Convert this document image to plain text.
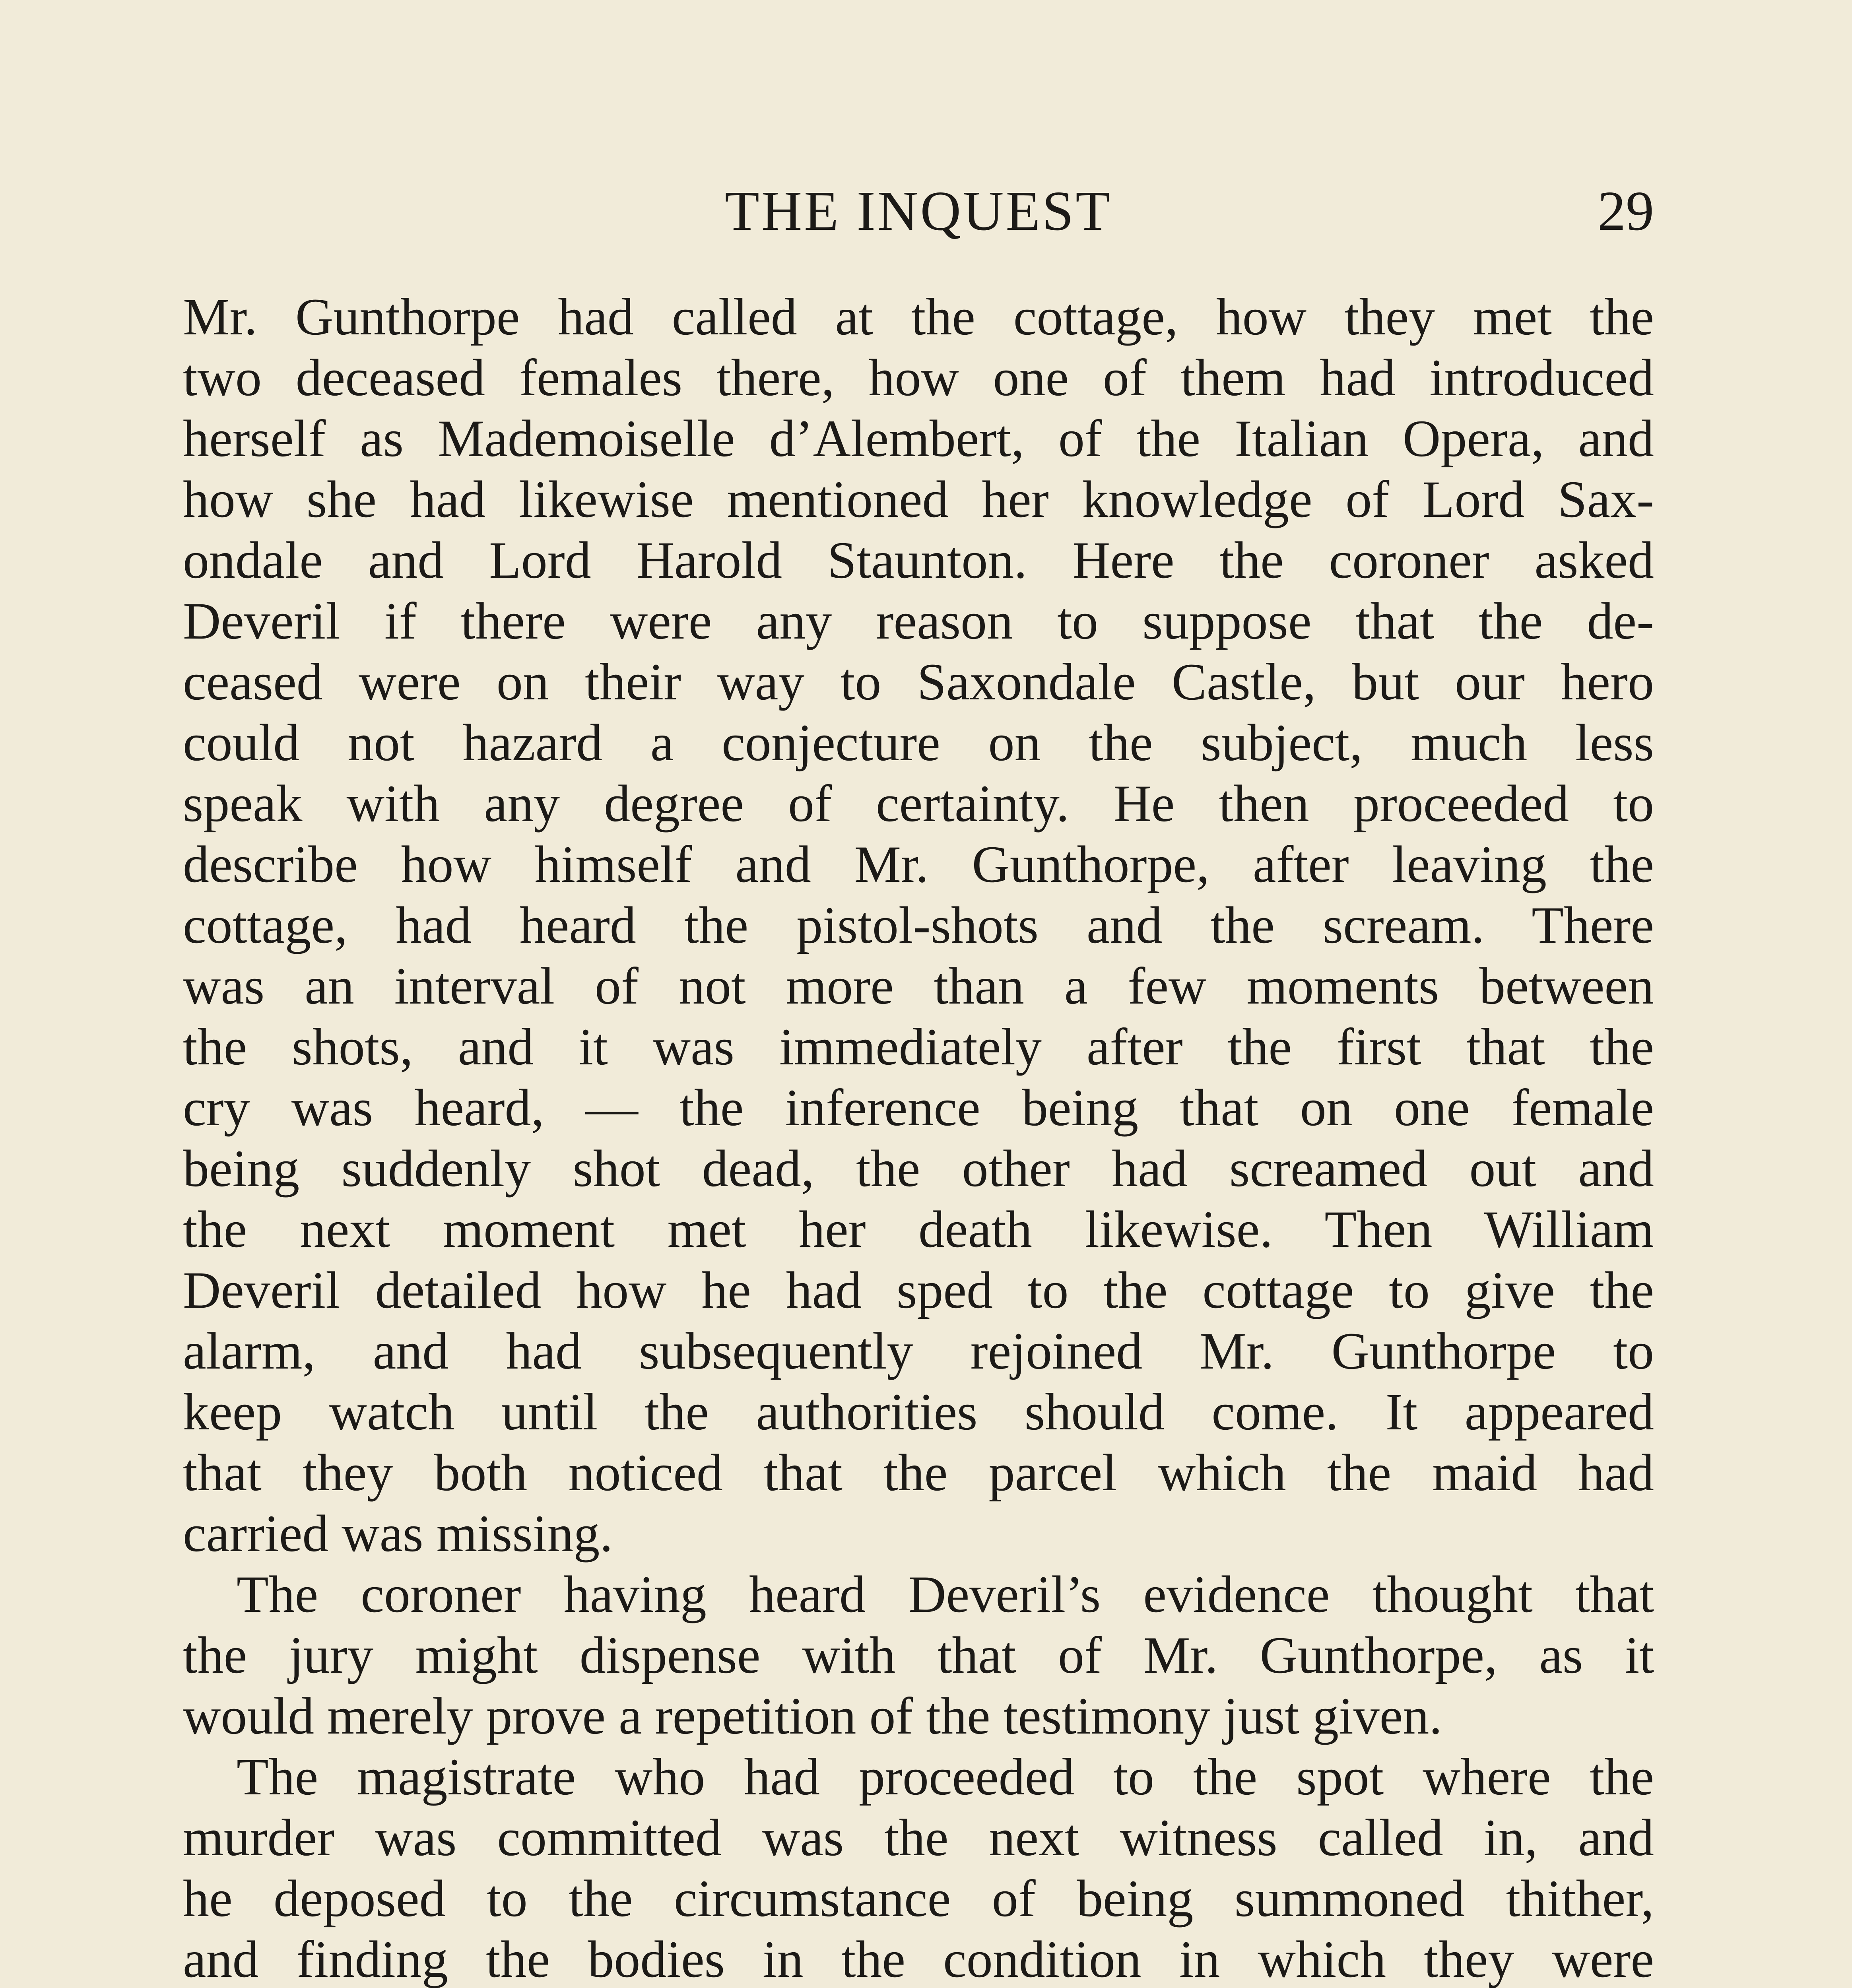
THE INQUEST	29
Mr. Gunthorpe had called at the cottage, how they met the
two deceased females there, how one of them had introduced
herself as Mademoiselle d’Alembert, of the Italian Opera, and
how she had likewise mentioned her knowledge of Lord Sax-
ondale and Lord Harold Staunton. Here the coroner asked
Deveril if there were any reason to suppose that the de-
ceased were on their way to Saxondale Castle, but our hero
could not hazard a conjecture on the subject, much less
speak with any degree of certainty. He then proceeded to
describe how himself and Mr. Gunthorpe, after leaving the
cottage, had heard the pistol-shots and the scream. There
was an interval of not more than a few moments between
the shots, and it was immediately after the first that the
cry was heard, — the inference being that on one female
being suddenly shot dead, the other had screamed out and
the next moment met her death likewise. Then William
Deveril detailed how he had sped to the cottage to give the
alarm, and had subsequently rejoined Mr. Gunthorpe to
keep watch until the authorities should come. It appeared
that they both noticed that the parcel which the maid had
carried was missing.
The coroner having heard Deveril’s evidence thought that
the jury might dispense with that of Mr. Gunthorpe, as it
would merely prove a repetition of the testimony just given.
The magistrate who had proceeded to the spot where the
murder was committed was the next witness called in, and
he deposed to the circumstance of being summoned thither,
and finding the bodies in the condition in which they were
